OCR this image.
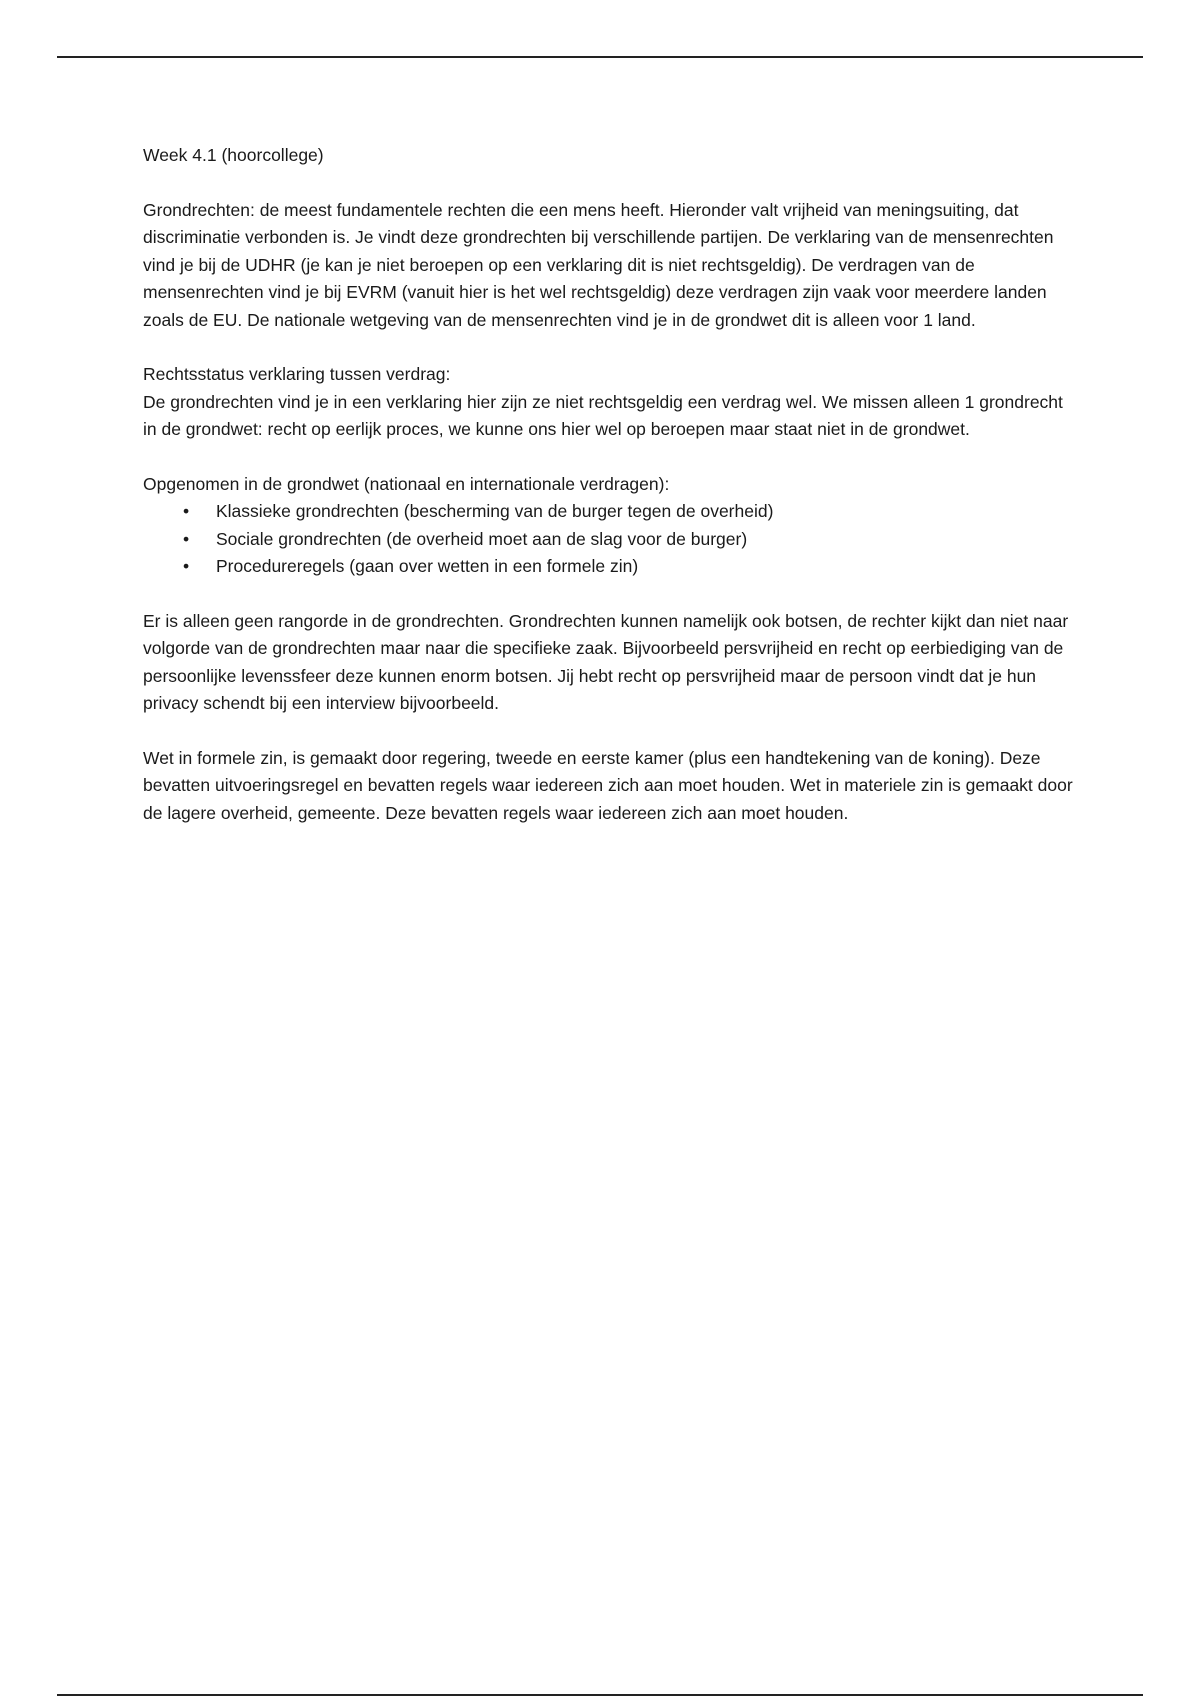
Week 4.1 (hoorcollege)

Grondrechten: de meest fundamentele rechten die een mens heeft. Hieronder valt vrijheid van meningsuiting, dat discriminatie verbonden is. Je vindt deze grondrechten bij verschillende partijen. De verklaring van de mensenrechten vind je bij de UDHR (je kan je niet beroepen op een verklaring dit is niet rechtsgeldig). De verdragen van de mensenrechten vind je bij EVRM (vanuit hier is het wel rechtsgeldig) deze verdragen zijn vaak voor meerdere landen zoals de EU. De nationale wetgeving van de mensenrechten vind je in de grondwet dit is alleen voor 1 land.

Rechtsstatus verklaring tussen verdrag:

De grondrechten vind je in een verklaring hier zijn ze niet rechtsgeldig een verdrag wel. We missen alleen 1 grondrecht in de grondwet: recht op eerlijk proces, we kunne ons hier wel op beroepen maar staat niet in de grondwet.

Opgenomen in de grondwet (nationaal en internationale verdragen):

• Klassieke grondrechten (bescherming van de burger tegen de overheid)
• Sociale grondrechten (de overheid moet aan de slag voor de burger)
• Procedureregels (gaan over wetten in een formele zin)

Er is alleen geen rangorde in de grondrechten. Grondrechten kunnen namelijk ook botsen, de rechter kijkt dan niet naar volgorde van de grondrechten maar naar die specifieke zaak. Bijvoorbeeld persvrijheid en recht op eerbiediging van de persoonlijke levenssfeer deze kunnen enorm botsen. Jij hebt recht op persvrijheid maar de persoon vindt dat je hun privacy schendt bij een interview bijvoorbeeld.

Wet in formele zin, is gemaakt door regering, tweede en eerste kamer (plus een handtekening van de koning). Deze bevatten uitvoeringsregel en bevatten regels waar iedereen zich aan moet houden. Wet in materiele zin is gemaakt door de lagere overheid, gemeente. Deze bevatten regels waar iedereen zich aan moet houden.
